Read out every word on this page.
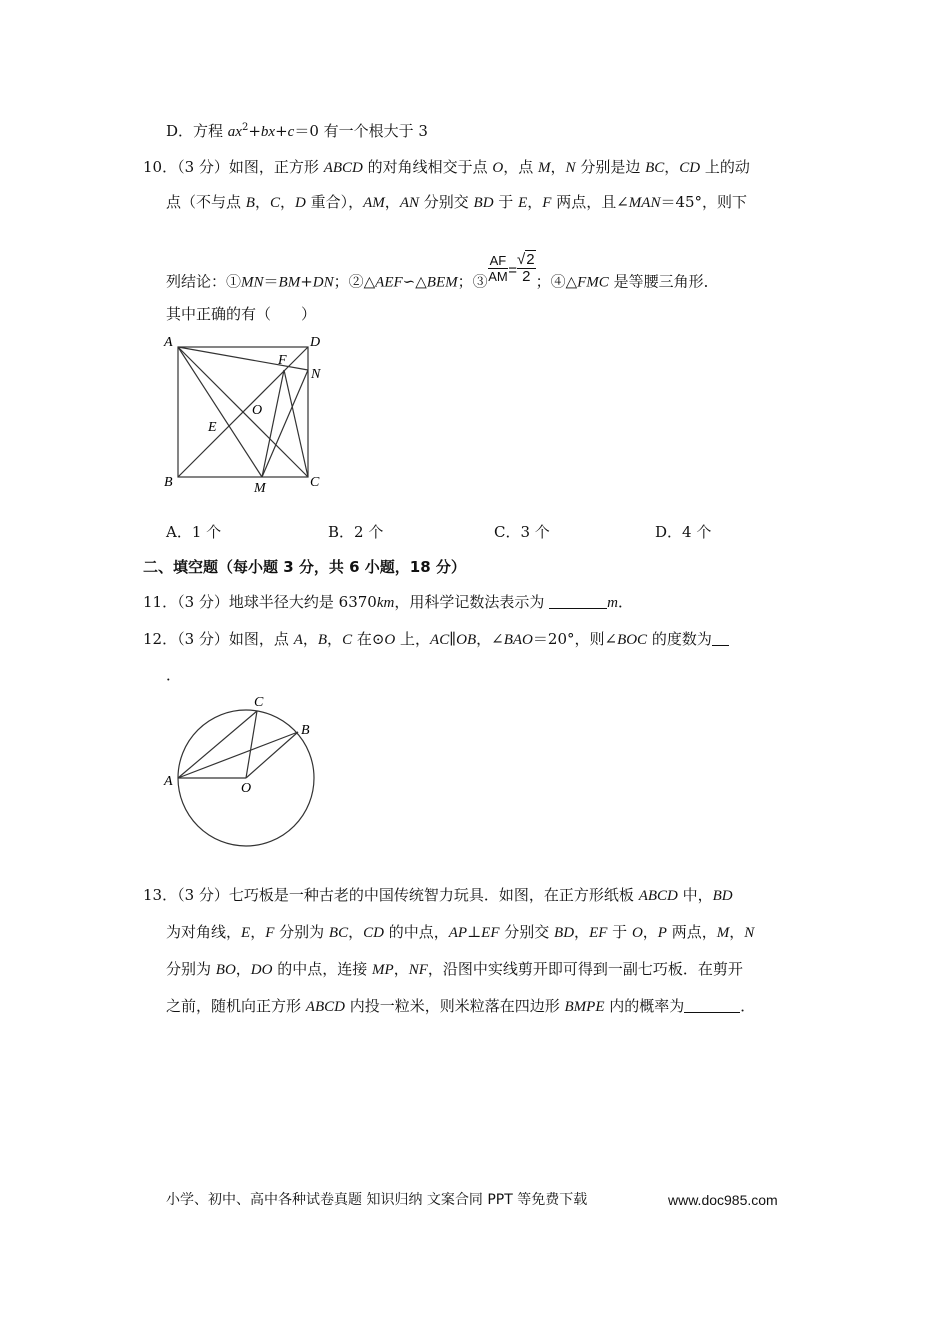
D．方程 $ax^2+bx+c=0$ 有一个根大于 3
10．（3 分）如图，正方形 ABCD 的对角线相交于点 O，点 M，N 分别是边 BC，CD 上的动
点（不与点 B，C，D 重合），AM，AN 分别交 BD 于 E，F 两点，且∠MAN＝45°，则下
列结论：①MN＝BM+DN；②△AEF∽△BEM；③ $\frac{AF}{AM} = \frac{√2}{2}$ ；④△FMC 是等腰三角形．
其中正确的有（　　）
A	D
B	C
M
N
F
E
O
A．1 个	B．2 个	C．3 个	D．4 个
二、填空题（每小题 3 分，共 6 小题，18 分）
11．（3 分）地球半径大约是 6370km，用科学记数法表示为	m．
12．（3 分）如图，点 A，B，C 在⊙O 上，AC∥OB，∠BAO＝20°，则∠BOC 的度数为
．
A
C
B
O
13．（3 分）七巧板是一种古老的中国传统智力玩具．如图，在正方形纸板 ABCD 中，BD
为对角线，E，F 分别为 BC，CD 的中点，AP⊥EF 分别交 BD，EF 于 O，P 两点，M，N
分别为 BO，DO 的中点，连接 MP，NF，沿图中实线剪开即可得到一副七巧板．在剪开
之前，随机向正方形 ABCD 内投一粒米，则米粒落在四边形 BMPE 内的概率为	．
小学、初中、高中各种试卷真题 知识归纳 文案合同 PPT 等免费下载	www.doc985.com
